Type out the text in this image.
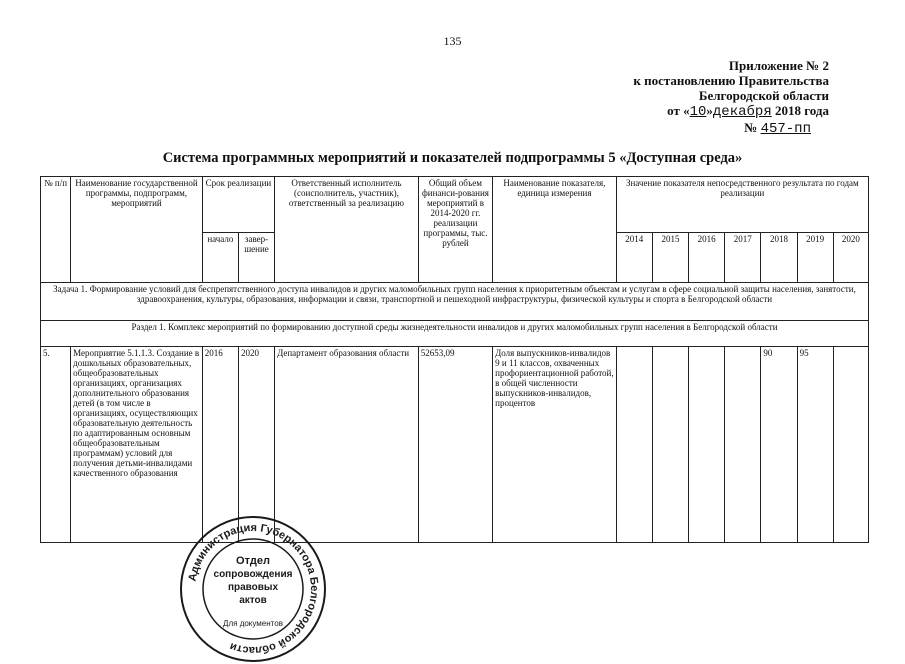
135
Приложение № 2
к постановлению Правительства
Белгородской области
от «10»декабря 2018 года
№ 457-пп
Система программных мероприятий и показателей подпрограммы 5 «Доступная среда»
№ п/п	Наименование государственной программы, подпрограмм, мероприятий	Срок реализации		Ответственный исполнитель (соисполнитель, участник), ответственный за реализацию	Общий объем финанси-рования мероприятий в 2014-2020 гг. реализации программы, тыс. рублей	Наименование показателя, единица измерения	Значение показателя непосредственного результата по годам реализации						
		начало	завер-шение				2014	2015	2016	2017	2018	2019	2020
Задача 1. Формирование условий для беспрепятственного доступа инвалидов и других маломобильных групп населения к приоритетным объектам и услугам в сфере социальной защиты населения, занятости, здравоохранения, культуры, образования, информации и связи, транспортной и пешеходной инфраструктуры, физической культуры и спорта в Белгородской области													
Раздел 1. Комплекс мероприятий по формированию доступной среды жизнедеятельности инвалидов и других маломобильных групп населения в Белгородской области													
5.	Мероприятие 5.1.1.3. Создание в дошкольных образовательных, общеобразовательных организациях, организациях дополнительного образования детей (в том числе в организациях, осуществляющих образовательную деятельность по адаптированным основным общеобразовательным программам) условий для получения детьми-инвалидами качественного образования	2016	2020	Департамент образования области	52653,09	Доля выпускников-инвалидов 9 и 11 классов, охваченных профориентационной работой, в общей численности выпускников-инвалидов, процентов					90	95	
Администрация Губернатора Белгородской области
Отдел
сопровождения
правовых
актов
Для документов
